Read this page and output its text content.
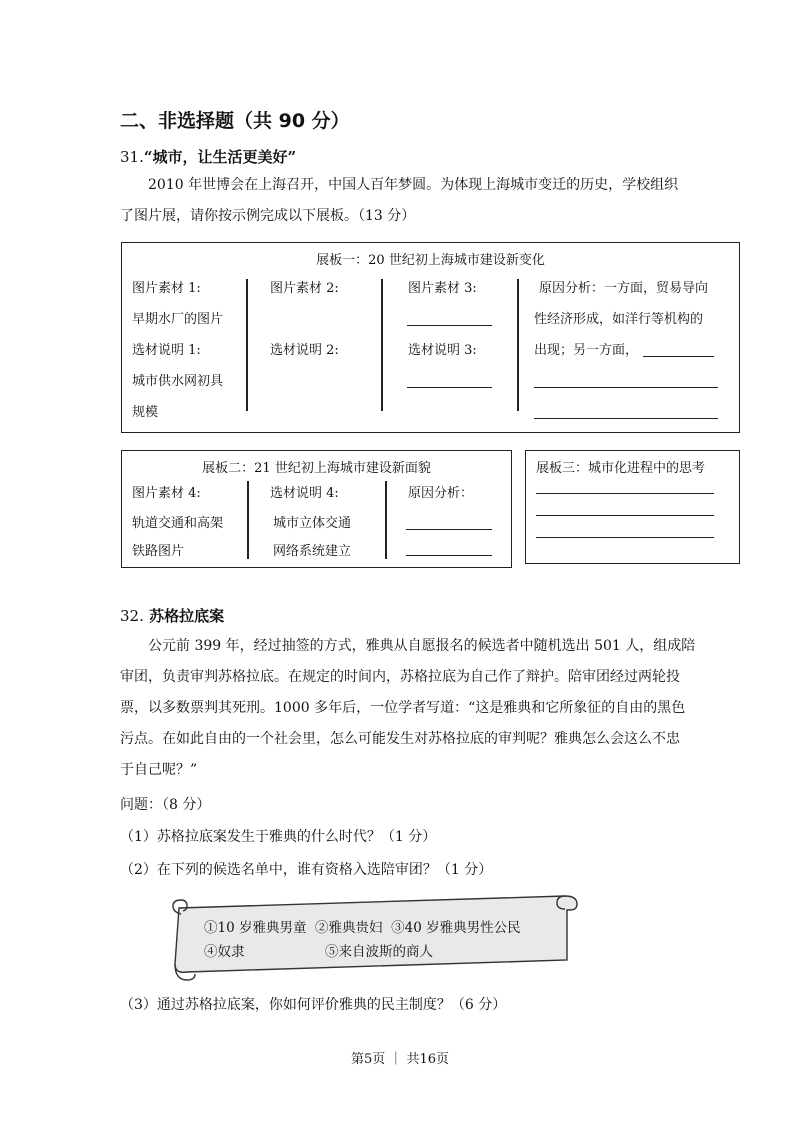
二、非选择题（共 90 分）
31.“城市，让生活更美好”
2010 年世博会在上海召开，中国人百年梦圆。为体现上海城市变迁的历史，学校组织
了图片展，请你按示例完成以下展板。（13 分）
展板一：20 世纪初上海城市建设新变化
图片素材 1:
早期水厂的图片
选材说明 1:
城市供水网初具
规模
图片素材 2:
选材说明 2:
图片素材 3:
选材说明 3:
原因分析：一方面，贸易导向
性经济形成，如洋行等机构的
出现；另一方面，
展板二：21 世纪初上海城市建设新面貌
图片素材 4:
轨道交通和高架
铁路图片
选材说明 4:
城市立体交通
网络系统建立
原因分析：
展板三：城市化进程中的思考
32. 苏格拉底案
公元前 399 年，经过抽签的方式，雅典从自愿报名的候选者中随机选出 501 人，组成陪
审团，负责审判苏格拉底。在规定的时间内，苏格拉底为自己作了辩护。陪审团经过两轮投
票，以多数票判其死刑。1000 多年后，一位学者写道：“这是雅典和它所象征的自由的黑色
污点。在如此自由的一个社会里，怎么可能发生对苏格拉底的审判呢？雅典怎么会这么不忠
于自己呢？”
问题：（8 分）
（1）苏格拉底案发生于雅典的什么时代？（1 分）
（2）在下列的候选名单中，谁有资格入选陪审团？（1 分）
①10 岁雅典男童  ②雅典贵妇  ③40 岁雅典男性公民
④奴隶	⑤来自波斯的商人
（3）通过苏格拉底案，你如何评价雅典的民主制度？（6 分）
第5页 ｜ 共16页
